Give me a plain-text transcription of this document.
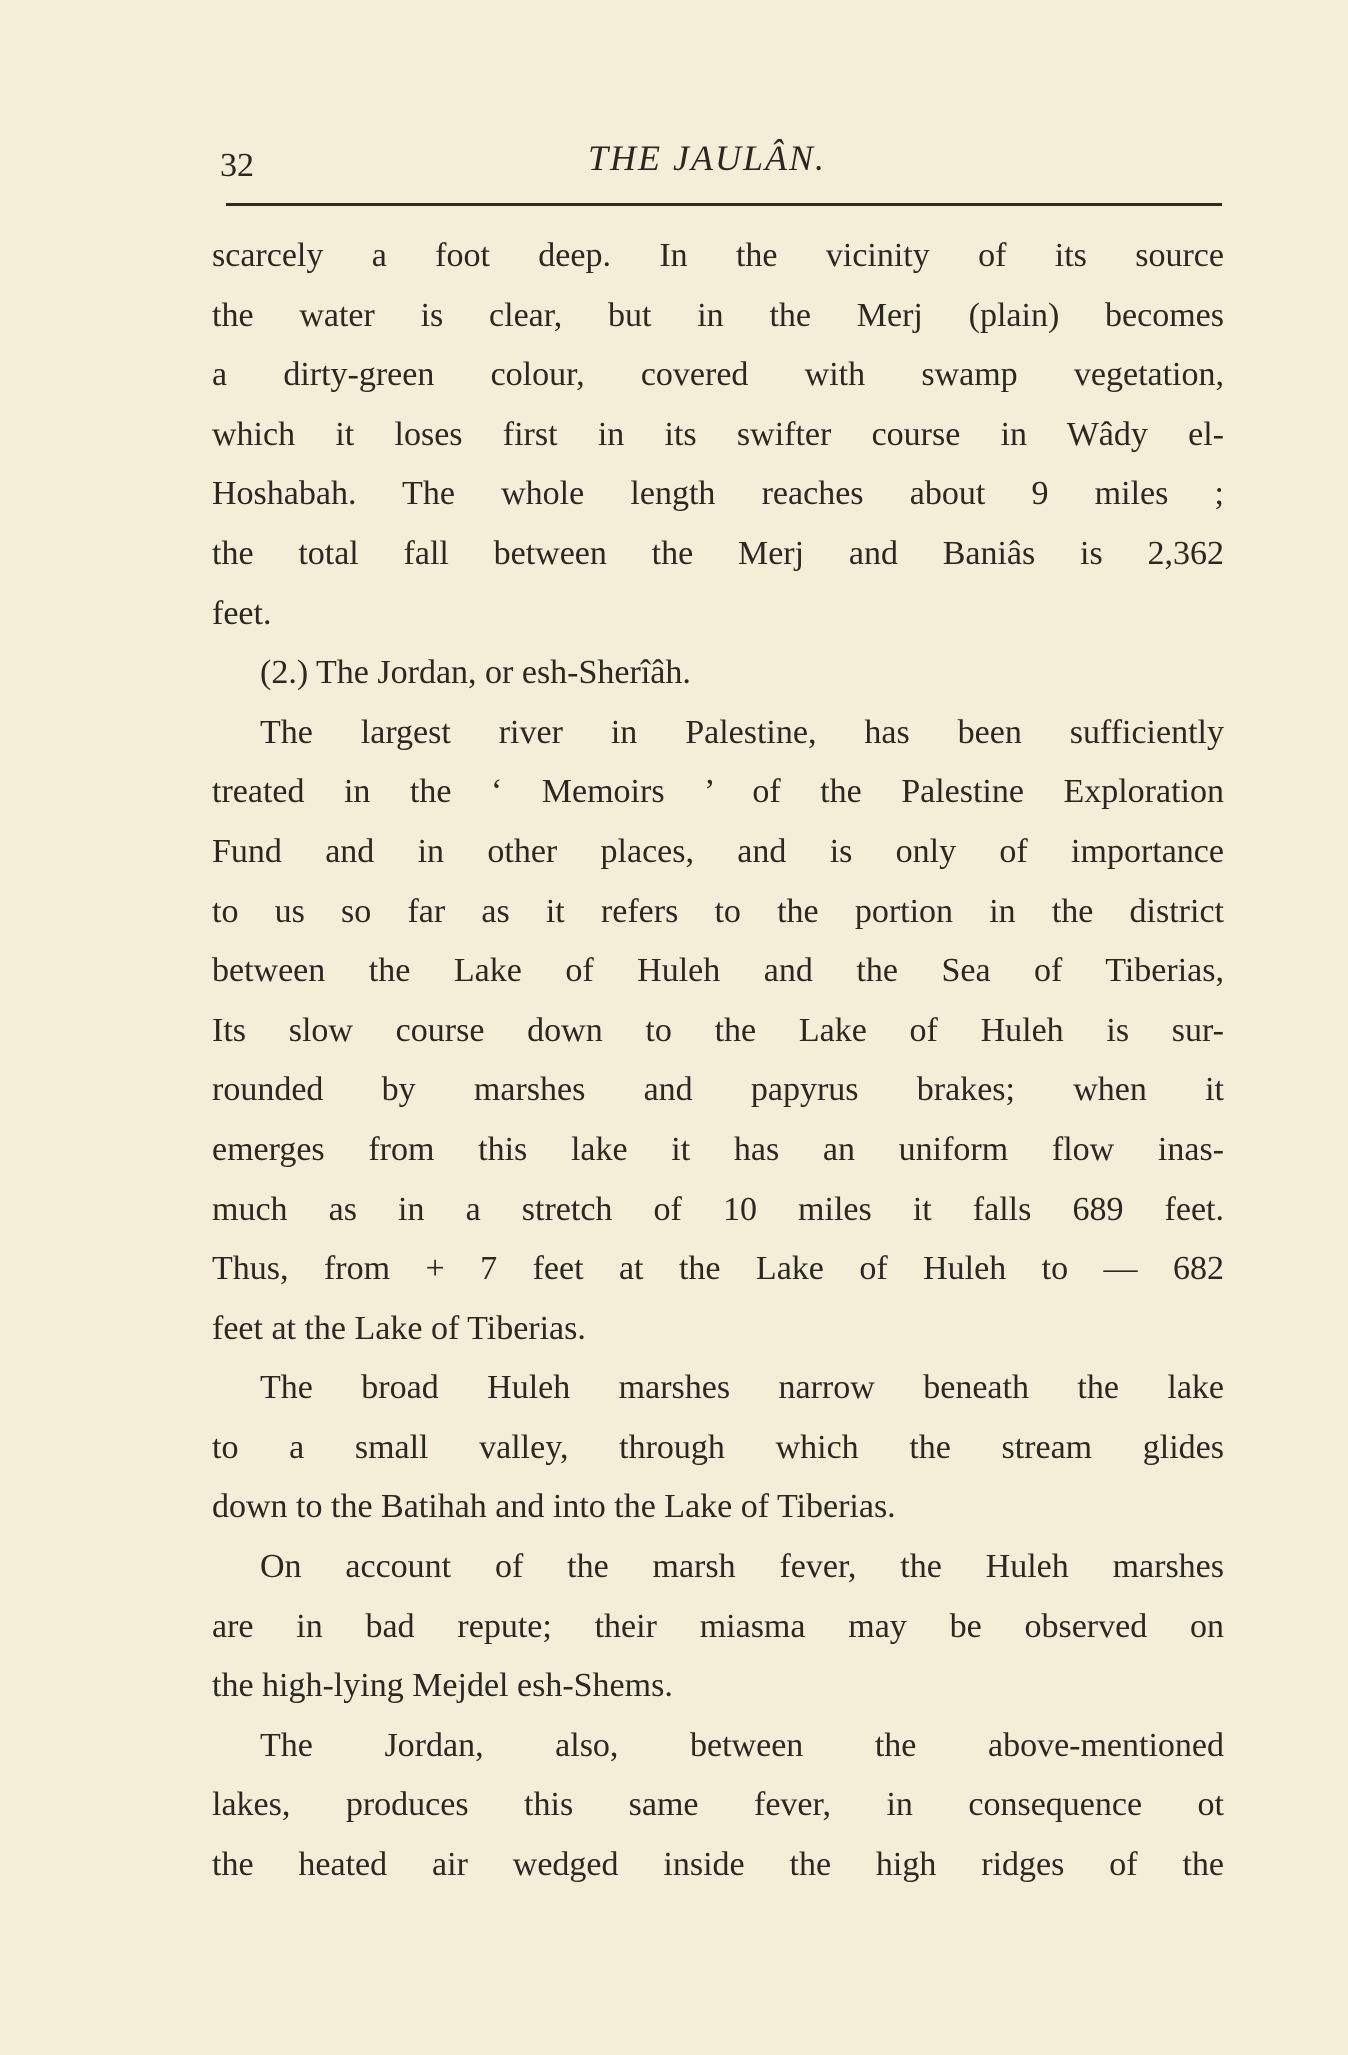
32	THE JAULÂN.
scarcely a foot deep. In the vicinity of its source
the water is clear, but in the Merj (plain) becomes
a dirty-green colour, covered with swamp vegetation,
which it loses first in its swifter course in Wâdy el-
Hoshabah. The whole length reaches about 9 miles ;
the total fall between the Merj and Baniâs is 2,362
feet.
(2.) The Jordan, or esh-Sherîâh.
The largest river in Palestine, has been sufficiently
treated in the ‘ Memoirs ’ of the Palestine Exploration
Fund and in other places, and is only of importance
to us so far as it refers to the portion in the district
between the Lake of Huleh and the Sea of Tiberias,
Its slow course down to the Lake of Huleh is sur-
rounded by marshes and papyrus brakes; when it
emerges from this lake it has an uniform flow inas-
much as in a stretch of 10 miles it falls 689 feet.
Thus, from + 7 feet at the Lake of Huleh to — 682
feet at the Lake of Tiberias.
The broad Huleh marshes narrow beneath the lake
to a small valley, through which the stream glides
down to the Batihah and into the Lake of Tiberias.
On account of the marsh fever, the Huleh marshes
are in bad repute; their miasma may be observed on
the high-lying Mejdel esh-Shems.
The Jordan, also, between the above-mentioned
lakes, produces this same fever, in consequence ot
the heated air wedged inside the high ridges of the
